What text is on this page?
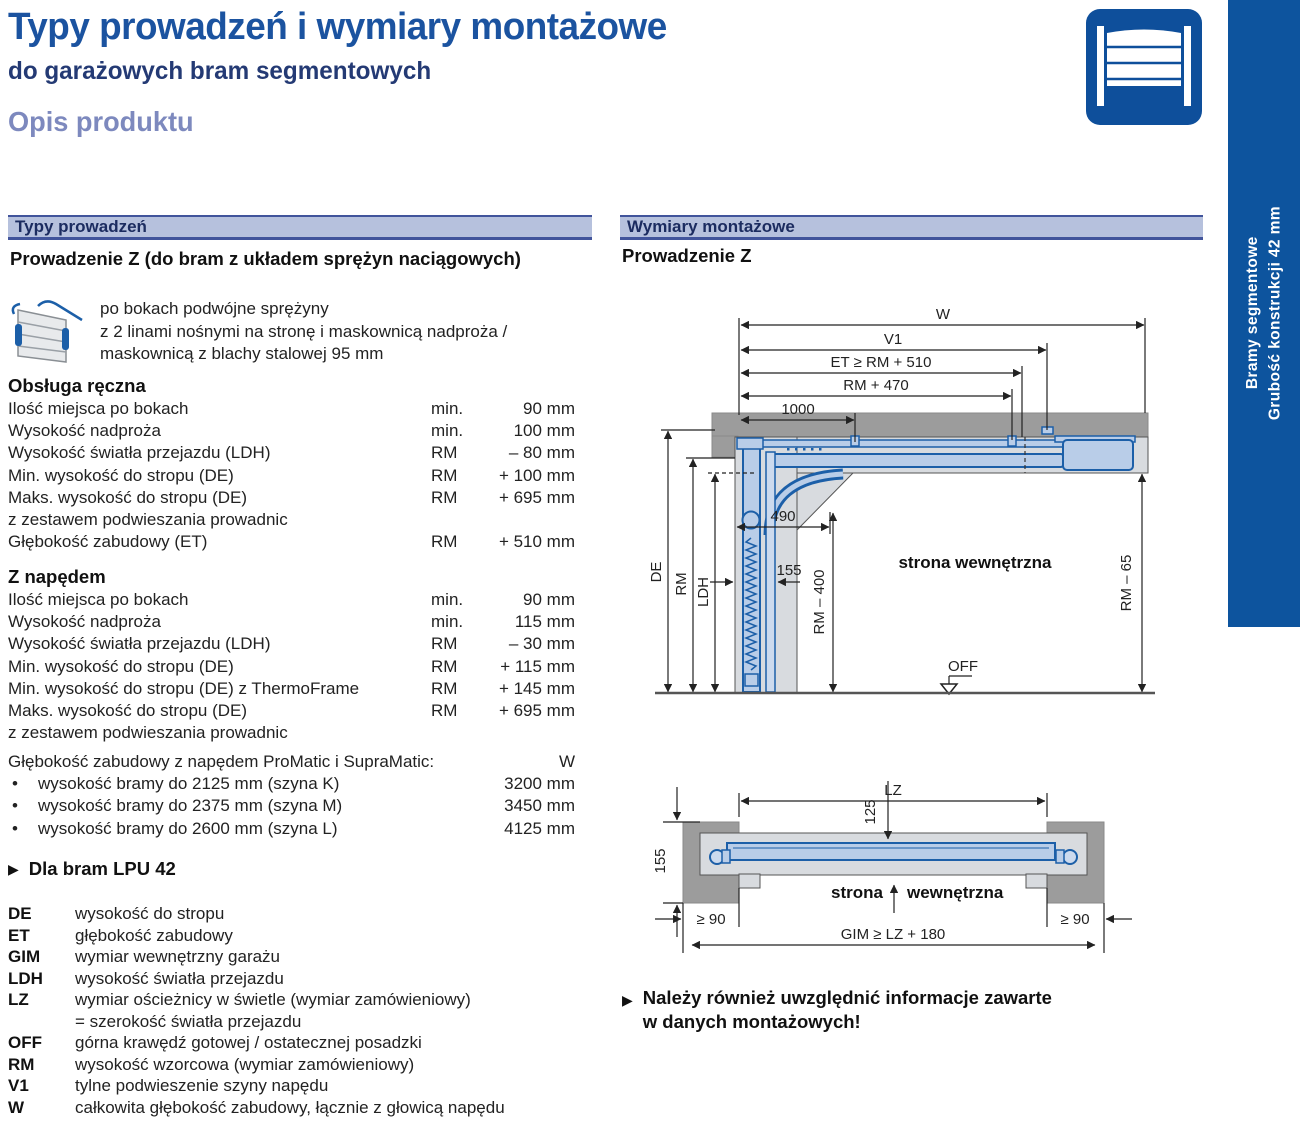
Typy prowadzeń i wymiary montażowe
do garażowych bram segmentowych
Opis produktu
Bramy segmentowe Grubość konstrukcji 42 mm
Typy prowadzeń	Wymiary montażowe
Prowadzenie Z (do bram z układem sprężyn naciągowych)	Prowadzenie Z
po bokach podwójne sprężyny
z 2 linami nośnymi na stronę i maskownicą nadproża /
maskownicą z blachy stalowej 95 mm
Obsługa ręczna
Ilość miejsca po bokach	min.	90 mm
Wysokość nadproża	min.	100 mm
Wysokość światła przejazdu (LDH)	RM	– 80 mm
Min. wysokość do stropu (DE)	RM	+ 100 mm
Maks. wysokość do stropu (DE)	RM	+ 695 mm
z zestawem podwieszania prowadnic
Głębokość zabudowy (ET)	RM	+ 510 mm
Z napędem
Ilość miejsca po bokach	min.	90 mm
Wysokość nadproża	min.	115 mm
Wysokość światła przejazdu (LDH)	RM	– 30 mm
Min. wysokość do stropu (DE)	RM	+ 115 mm
Min. wysokość do stropu (DE) z ThermoFrame	RM	+ 145 mm
Maks. wysokość do stropu (DE)	RM	+ 695 mm
z zestawem podwieszania prowadnic
Głębokość zabudowy z napędem ProMatic i SupraMatic:	W
•	wysokość bramy do 2125 mm (szyna K)	3200 mm
•	wysokość bramy do 2375 mm (szyna M)	3450 mm
•	wysokość bramy do 2600 mm (szyna L)	4125 mm
▶ Dla bram LPU 42
DE	wysokość do stropu
ET	głębokość zabudowy
GIM	wymiar wewnętrzny garażu
LDH	wysokość światła przejazdu
LZ	wymiar ościeżnicy w świetle (wymiar zamówieniowy)
= szerokość światła przejazdu
OFF	górna krawędź gotowej / ostatecznej posadzki
RM	wysokość wzorcowa (wymiar zamówieniowy)
V1	tylne podwieszenie szyny napędu
W	całkowita głębokość zabudowy, łącznie z głowicą napędu
W
V1
ET ≥ RM + 510
RM + 470
1000
DE
RM LDH	RM – 400	RM – 65
490
155	strona wewnętrzna
OFF
LZ
125
155
≥ 90	≥ 90
strona wewnętrzna
GIM ≥ LZ + 180
▶ Należy również uwzględnić informacje zawarte
w danych montażowych!
